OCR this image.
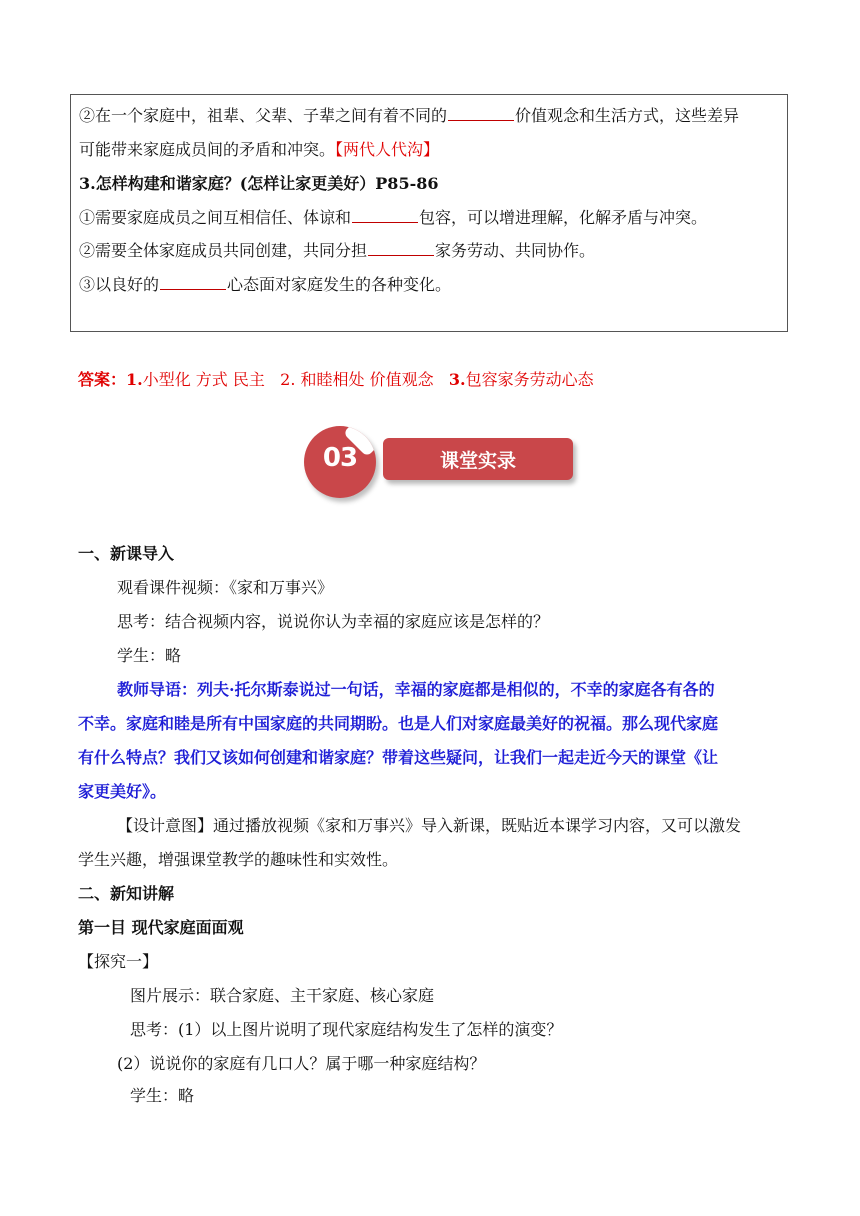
②在一个家庭中，祖辈、父辈、子辈之间有着不同的	价值观念和生活方式，这些差异
可能带来家庭成员间的矛盾和冲突。【两代人代沟】
3.怎样构建和谐家庭？(怎样让家更美好）P85-86
①需要家庭成员之间互相信任、体谅和	包容，可以增进理解，化解矛盾与冲突。
②需要全体家庭成员共同创建，共同分担	家务劳动、共同协作。
③以良好的	心态面对家庭发生的各种变化。
答案：1.小型化 方式 民主 2. 和睦相处 价值观念 3.包容家务劳动心态
03	课堂实录
一、新课导入
观看课件视频：《家和万事兴》
思考：结合视频内容，说说你认为幸福的家庭应该是怎样的？
学生：略
教师导语：列夫·托尔斯泰说过一句话，幸福的家庭都是相似的，不幸的家庭各有各的
不幸。家庭和睦是所有中国家庭的共同期盼。也是人们对家庭最美好的祝福。那么现代家庭
有什么特点？我们又该如何创建和谐家庭？带着这些疑问，让我们一起走近今天的课堂《让
家更美好》。
【设计意图】通过播放视频《家和万事兴》导入新课，既贴近本课学习内容，又可以激发
学生兴趣，增强课堂教学的趣味性和实效性。
二、新知讲解
第一目 现代家庭面面观
【探究一】
图片展示：联合家庭、主干家庭、核心家庭
思考：(1）以上图片说明了现代家庭结构发生了怎样的演变？
(2）说说你的家庭有几口人？属于哪一种家庭结构？
学生：略
